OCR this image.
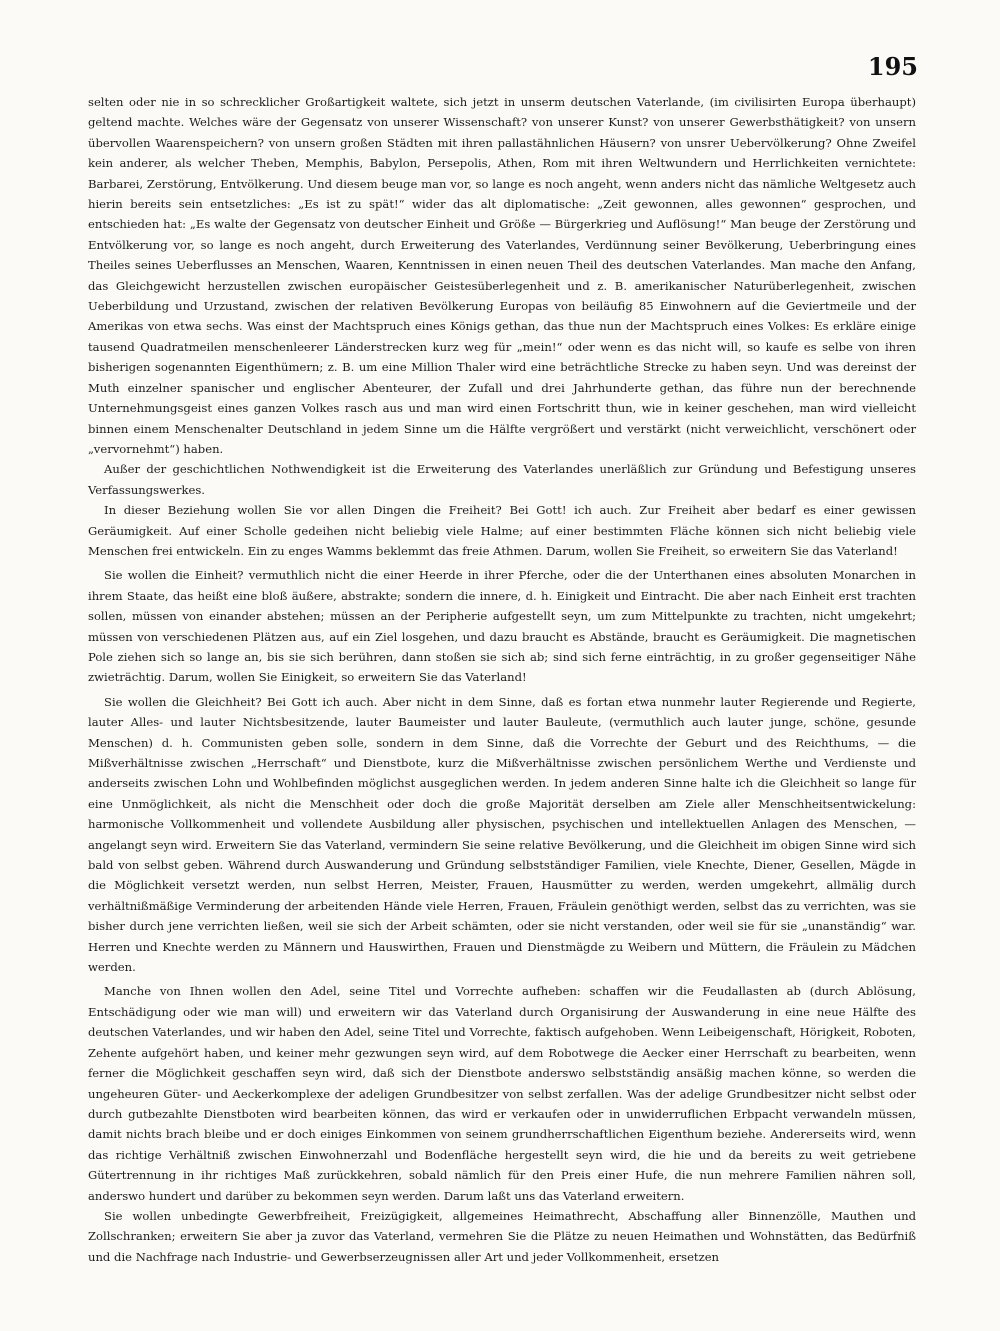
195

selten oder nie in so schrecklicher Großartigkeit waltete, sich jetzt in unserm deutschen Vaterlande, (im civilisirten Europa überhaupt) geltend machte. Welches wäre der Gegensatz von unserer Wissenschaft? von unserer Kunst? von unserer Gewerbsthätigkeit? von unsern übervollen Waarenspeichern? von unsern großen Städten mit ihren pallastähnlichen Häusern? von unsrer Uebervölkerung? Ohne Zweifel kein anderer, als welcher Theben, Memphis, Babylon, Persepolis, Athen, Rom mit ihren Weltwundern und Herrlichkeiten vernichtete: Barbarei, Zerstörung, Entvölkerung. Und diesem beuge man vor, so lange es noch angeht, wenn anders nicht das nämliche Weltgesetz auch hierin bereits sein entsetzliches: „Es ist zu spät!“ wider das alt diplomatische: „Zeit gewonnen, alles gewonnen“ gesprochen, und entschieden hat: „Es walte der Gegensatz von deutscher Einheit und Größe — Bürgerkrieg und Auflösung!“ Man beuge der Zerstörung und Entvölkerung vor, so lange es noch angeht, durch Erweiterung des Vaterlandes, Verdünnung seiner Bevölkerung, Ueberbringung eines Theiles seines Ueberflusses an Menschen, Waaren, Kenntnissen in einen neuen Theil des deutschen Vaterlandes. Man mache den Anfang, das Gleichgewicht herzustellen zwischen europäischer Geistesüberlegenheit und z. B. amerikanischer Naturüberlegenheit, zwischen Ueberbildung und Urzustand, zwischen der relativen Bevölkerung Europas von beiläufig 85 Einwohnern auf die Geviertmeile und der Amerikas von etwa sechs. Was einst der Machtspruch eines Königs gethan, das thue nun der Machtspruch eines Volkes: Es erkläre einige tausend Quadratmeilen menschenleerer Länderstrecken kurz weg für „mein!“ oder wenn es das nicht will, so kaufe es selbe von ihren bisherigen sogenannten Eigenthümern; z. B. um eine Million Thaler wird eine beträchtliche Strecke zu haben seyn. Und was dereinst der Muth einzelner spanischer und englischer Abenteurer, der Zufall und drei Jahrhunderte gethan, das führe nun der berechnende Unternehmungsgeist eines ganzen Volkes rasch aus und man wird einen Fortschritt thun, wie in keiner geschehen, man wird vielleicht binnen einem Menschenalter Deutschland in jedem Sinne um die Hälfte vergrößert und verstärkt (nicht verweichlicht, verschönert oder „vervornehmt“) haben.

Außer der geschichtlichen Nothwendigkeit ist die Erweiterung des Vaterlandes unerläßlich zur Gründung und Befestigung unseres Verfassungswerkes.

In dieser Beziehung wollen Sie vor allen Dingen die Freiheit? Bei Gott! ich auch. Zur Freiheit aber bedarf es einer gewissen Geräumigkeit. Auf einer Scholle gedeihen nicht beliebig viele Halme; auf einer bestimmten Fläche können sich nicht beliebig viele Menschen frei entwickeln. Ein zu enges Wamms beklemmt das freie Athmen. Darum, wollen Sie Freiheit, so erweitern Sie das Vaterland!

Sie wollen die Einheit? vermuthlich nicht die einer Heerde in ihrer Pferche, oder die der Unterthanen eines absoluten Monarchen in ihrem Staate, das heißt eine bloß äußere, abstrakte; sondern die innere, d. h. Einigkeit und Eintracht. Die aber nach Einheit erst trachten sollen, müssen von einander abstehen; müssen an der Peripherie aufgestellt seyn, um zum Mittelpunkte zu trachten, nicht umgekehrt; müssen von verschiedenen Plätzen aus, auf ein Ziel losgehen, und dazu braucht es Abstände, braucht es Geräumigkeit. Die magnetischen Pole ziehen sich so lange an, bis sie sich berühren, dann stoßen sie sich ab; sind sich ferne einträchtig, in zu großer gegenseitiger Nähe zwieträchtig. Darum, wollen Sie Einigkeit, so erweitern Sie das Vaterland!

Sie wollen die Gleichheit? Bei Gott ich auch. Aber nicht in dem Sinne, daß es fortan etwa nunmehr lauter Regierende und Regierte, lauter Alles- und lauter Nichtsbesitzende, lauter Baumeister und lauter Bauleute, (vermuthlich auch lauter junge, schöne, gesunde Menschen) d. h. Communisten geben solle, sondern in dem Sinne, daß die Vorrechte der Geburt und des Reichthums, — die Mißverhältnisse zwischen „Herrschaft“ und Dienstbote, kurz die Mißverhältnisse zwischen persönlichem Werthe und Verdienste und anderseits zwischen Lohn und Wohlbefinden möglichst ausgeglichen werden. In jedem anderen Sinne halte ich die Gleichheit so lange für eine Unmöglichkeit, als nicht die Menschheit oder doch die große Majorität derselben am Ziele aller Menschheitsentwickelung: harmonische Vollkommenheit und vollendete Ausbildung aller physischen, psychischen und intellektuellen Anlagen des Menschen, — angelangt seyn wird. Erweitern Sie das Vaterland, vermindern Sie seine relative Bevölkerung, und die Gleichheit im obigen Sinne wird sich bald von selbst geben. Während durch Auswanderung und Gründung selbstständiger Familien, viele Knechte, Diener, Gesellen, Mägde in die Möglichkeit versetzt werden, nun selbst Herren, Meister, Frauen, Hausmütter zu werden, werden umgekehrt, allmälig durch verhältnißmäßige Verminderung der arbeitenden Hände viele Herren, Frauen, Fräulein genöthigt werden, selbst das zu verrichten, was sie bisher durch jene verrichten ließen, weil sie sich der Arbeit schämten, oder sie nicht verstanden, oder weil sie für sie „unanständig“ war. Herren und Knechte werden zu Männern und Hauswirthen, Frauen und Dienstmägde zu Weibern und Müttern, die Fräulein zu Mädchen werden.

Manche von Ihnen wollen den Adel, seine Titel und Vorrechte aufheben: schaffen wir die Feudallasten ab (durch Ablösung, Entschädigung oder wie man will) und erweitern wir das Vaterland durch Organisirung der Auswanderung in eine neue Hälfte des deutschen Vaterlandes, und wir haben den Adel, seine Titel und Vorrechte, faktisch aufgehoben. Wenn Leibeigenschaft, Hörigkeit, Roboten, Zehente aufgehört haben, und keiner mehr gezwungen seyn wird, auf dem Robotwege die Aecker einer Herrschaft zu bearbeiten, wenn ferner die Möglichkeit geschaffen seyn wird, daß sich der Dienstbote anderswo selbstständig ansäßig machen könne, so werden die ungeheuren Güter- und Aeckerkomplexe der adeligen Grundbesitzer von selbst zerfallen. Was der adelige Grundbesitzer nicht selbst oder durch gutbezahlte Dienstboten wird bearbeiten können, das wird er verkaufen oder in unwiderruflichen Erbpacht verwandeln müssen, damit nichts brach bleibe und er doch einiges Einkommen von seinem grundherrschaftlichen Eigenthum beziehe. Andererseits wird, wenn das richtige Verhältniß zwischen Einwohnerzahl und Bodenfläche hergestellt seyn wird, die hie und da bereits zu weit getriebene Gütertrennung in ihr richtiges Maß zurückkehren, sobald nämlich für den Preis einer Hufe, die nun mehrere Familien nähren soll, anderswo hundert und darüber zu bekommen seyn werden. Darum laßt uns das Vaterland erweitern.

Sie wollen unbedingte Gewerbfreiheit, Freizügigkeit, allgemeines Heimathrecht, Abschaffung aller Binnenzölle, Mauthen und Zollschranken; erweitern Sie aber ja zuvor das Vaterland, vermehren Sie die Plätze zu neuen Heimathen und Wohnstätten, das Bedürfniß und die Nachfrage nach Industrie- und Gewerbserzeugnissen aller Art und jeder Vollkommenheit, ersetzen
